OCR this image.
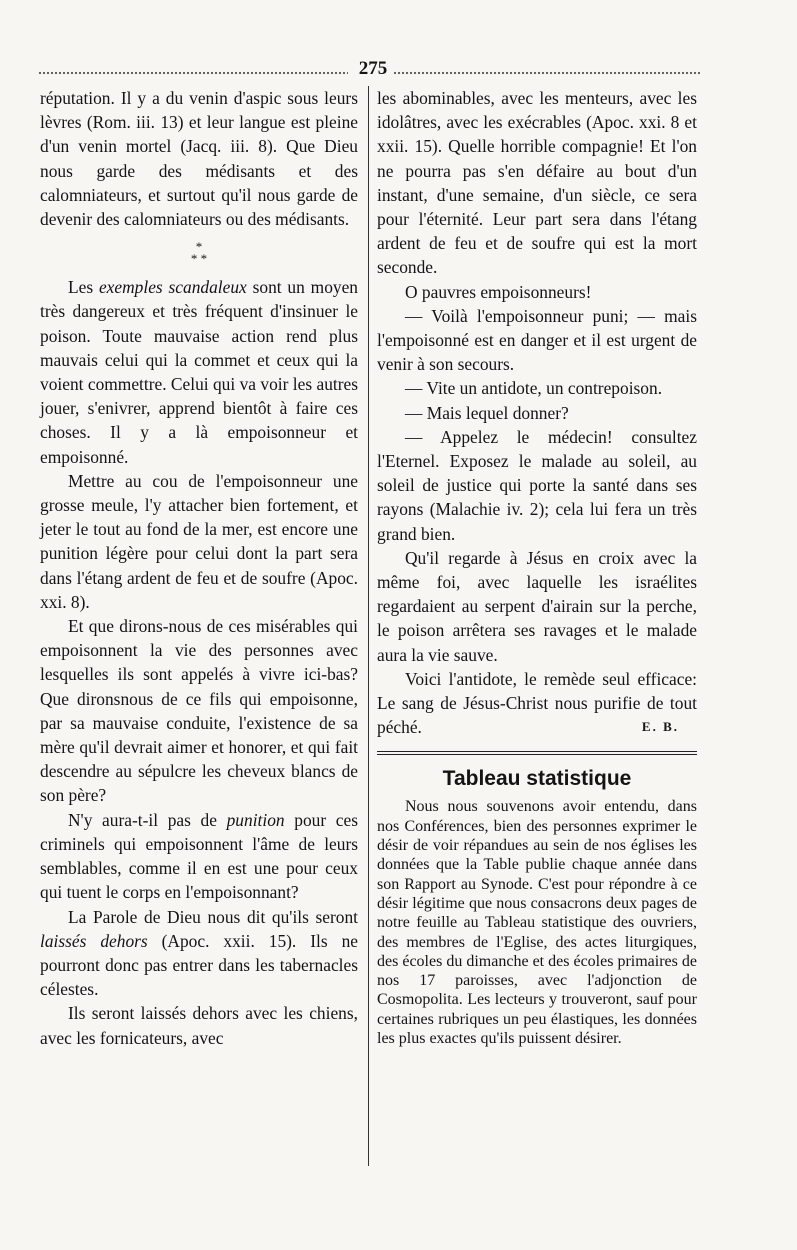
275

réputation. Il y a du venin d'aspic sous leurs lèvres (Rom. iii. 13) et leur langue est pleine d'un venin mortel (Jacq. iii. 8). Que Dieu nous garde des médisants et des calomniateurs, et surtout qu'il nous garde de devenir des calomniateurs ou des médisants.

*
* *

Les exemples scandaleux sont un moyen très dangereux et très fréquent d'insinuer le poison. Toute mauvaise action rend plus mauvais celui qui la commet et ceux qui la voient commettre. Celui qui va voir les autres jouer, s'enivrer, apprend bientôt à faire ces choses. Il y a là empoisonneur et empoisonné.

Mettre au cou de l'empoisonneur une grosse meule, l'y attacher bien fortement, et jeter le tout au fond de la mer, est encore une punition légère pour celui dont la part sera dans l'étang ardent de feu et de soufre (Apoc. xxi. 8).

Et que dirons-nous de ces misérables qui empoisonnent la vie des personnes avec lesquelles ils sont appelés à vivre ici-bas? Que dironsnous de ce fils qui empoisonne, par sa mauvaise conduite, l'existence de sa mère qu'il devrait aimer et honorer, et qui fait descendre au sépulcre les cheveux blancs de son père?

N'y aura-t-il pas de punition pour ces criminels qui empoisonnent l'âme de leurs semblables, comme il en est une pour ceux qui tuent le corps en l'empoisonnant?

La Parole de Dieu nous dit qu'ils seront laissés dehors (Apoc. xxii. 15). Ils ne pourront donc pas entrer dans les tabernacles célestes.

Ils seront laissés dehors avec les chiens, avec les fornicateurs, avec

les abominables, avec les menteurs, avec les idolâtres, avec les exécrables (Apoc. xxi. 8 et xxii. 15). Quelle horrible compagnie! Et l'on ne pourra pas s'en défaire au bout d'un instant, d'une semaine, d'un siècle, ce sera pour l'éternité. Leur part sera dans l'étang ardent de feu et de soufre qui est la mort seconde.

O pauvres empoisonneurs!

— Voilà l'empoisonneur puni; — mais l'empoisonné est en danger et il est urgent de venir à son secours.

— Vite un antidote, un contrepoison.

— Mais lequel donner?

— Appelez le médecin! consultez l'Eternel. Exposez le malade au soleil, au soleil de justice qui porte la santé dans ses rayons (Malachie iv. 2); cela lui fera un très grand bien.

Qu'il regarde à Jésus en croix avec la même foi, avec laquelle les israélites regardaient au serpent d'airain sur la perche, le poison arrêtera ses ravages et le malade aura la vie sauve.

Voici l'antidote, le remède seul efficace: Le sang de Jésus-Christ nous purifie de tout péché.	E. B.

Tableau statistique

Nous nous souvenons avoir entendu, dans nos Conférences, bien des personnes exprimer le désir de voir répandues au sein de nos églises les données que la Table publie chaque année dans son Rapport au Synode. C'est pour répondre à ce désir légitime que nous consacrons deux pages de notre feuille au Tableau statistique des ouvriers, des membres de l'Eglise, des actes liturgiques, des écoles du dimanche et des écoles primaires de nos 17 paroisses, avec l'adjonction de Cosmopolita. Les lecteurs y trouveront, sauf pour certaines rubriques un peu élastiques, les données les plus exactes qu'ils puissent désirer.
